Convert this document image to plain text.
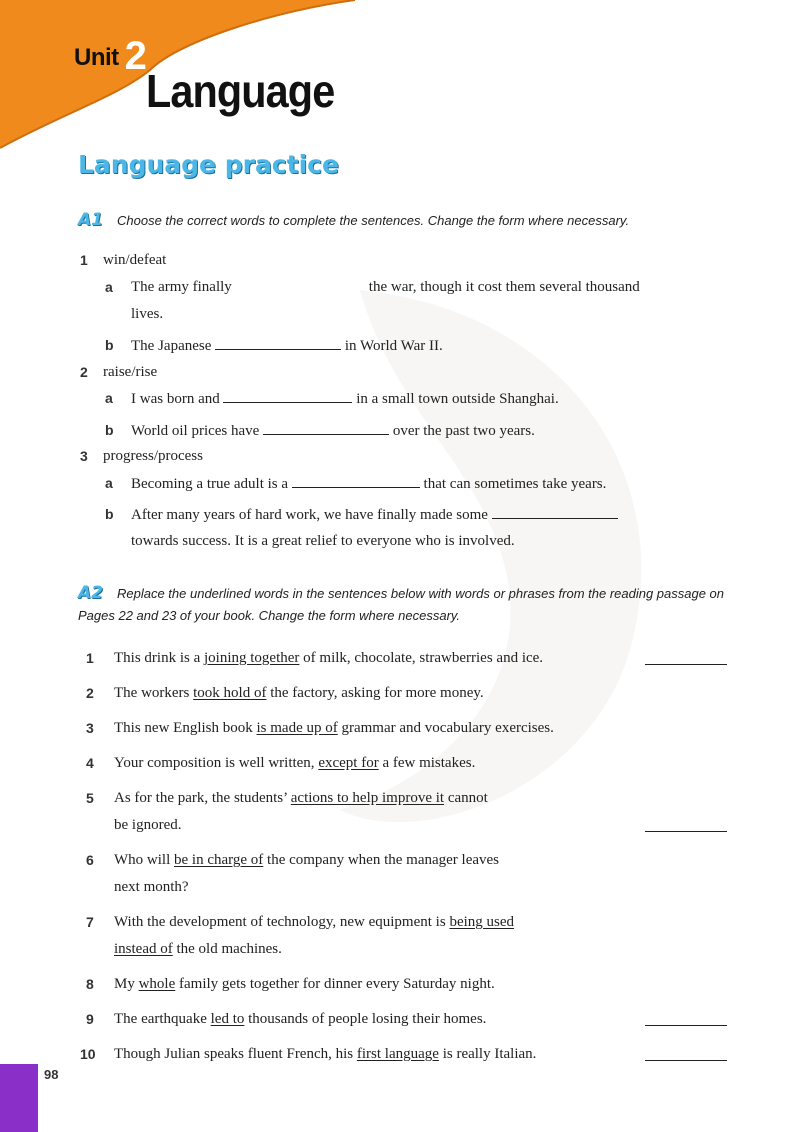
Unit 2
Language
Language practice
A1 Choose the correct words to complete the sentences. Change the form where necessary.
1 win/defeat
a The army finally	the war, though it cost them several thousand
lives.
b The Japanese	in World War II.
2 raise/rise
a I was born and	in a small town outside Shanghai.
b World oil prices have	over the past two years.
3 progress/process
a Becoming a true adult is a	that can sometimes take years.
b After many years of hard work, we have finally made some
towards success. It is a great relief to everyone who is involved.
A2 Replace the underlined words in the sentences below with words or phrases from the reading passage on Pages 22 and 23 of your book. Change the form where necessary.
1 This drink is a joining together of milk, chocolate, strawberries and ice.
2 The workers took hold of the factory, asking for more money.
3 This new English book is made up of grammar and vocabulary exercises.
4 Your composition is well written, except for a few mistakes.
5 As for the park, the students’ actions to help improve it cannot
be ignored.
6 Who will be in charge of the company when the manager leaves
next month?
7 With the development of technology, new equipment is being used
instead of the old machines.
8 My whole family gets together for dinner every Saturday night.
9 The earthquake led to thousands of people losing their homes.
10 Though Julian speaks fluent French, his first language is really Italian.
98
